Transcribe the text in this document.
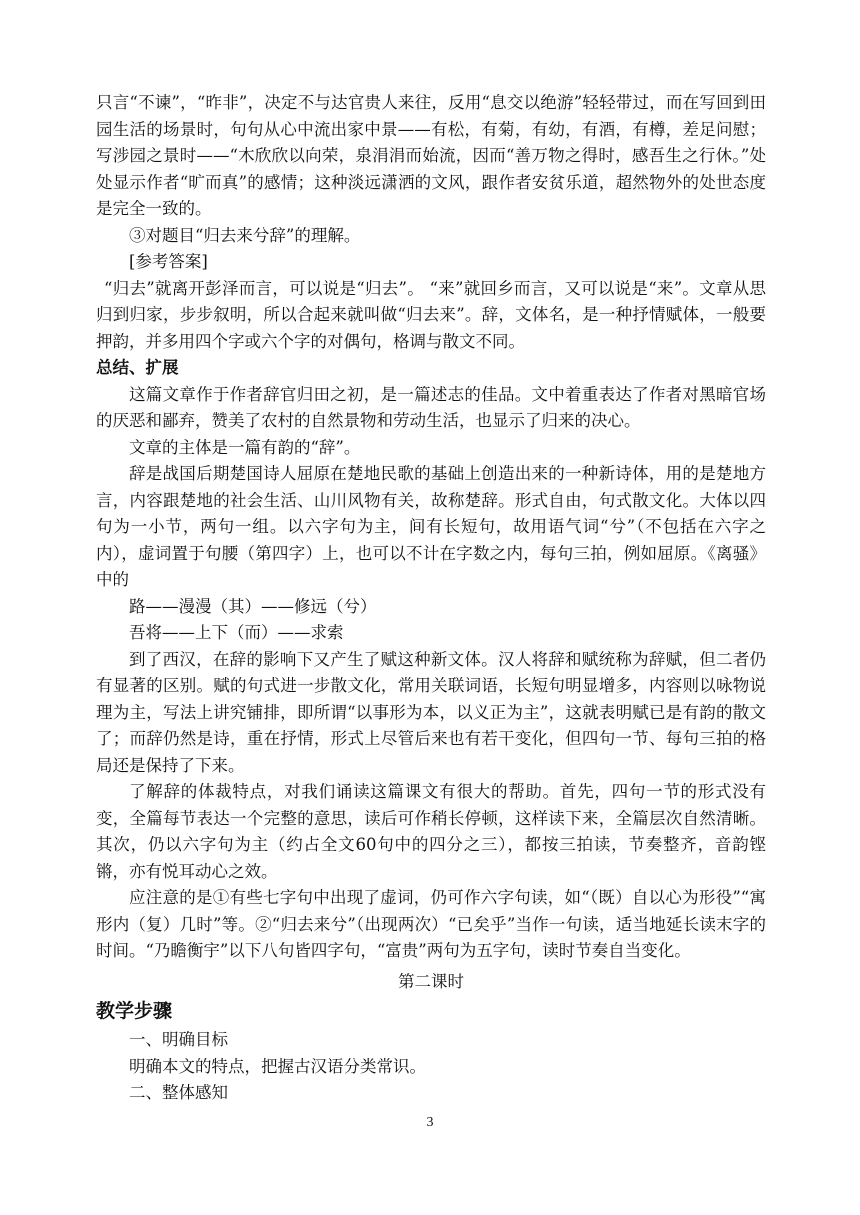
只言“不谏”，“昨非”，决定不与达官贵人来往，反用“息交以绝游”轻轻带过，而在写回到田园生活的场景时，句句从心中流出家中景——有松，有菊，有幼，有酒，有樽，差足问慰；写涉园之景时——“木欣欣以向荣，泉涓涓而始流，因而“善万物之得时，感吾生之行休。”处处显示作者“旷而真”的感情；这种淡远潇洒的文风，跟作者安贫乐道，超然物外的处世态度是完全一致的。

③对题目“归去来兮辞”的理解。

[参考答案]

“归去”就离开彭泽而言，可以说是“归去”。 “来”就回乡而言，又可以说是“来”。文章从思归到归家，步步叙明，所以合起来就叫做“归去来”。辞，文体名，是一种抒情赋体，一般要押韵，并多用四个字或六个字的对偶句，格调与散文不同。

总结、扩展

这篇文章作于作者辞官归田之初，是一篇述志的佳品。文中着重表达了作者对黑暗官场的厌恶和鄙弃，赞美了农村的自然景物和劳动生活，也显示了归来的决心。

文章的主体是一篇有韵的“辞”。

辞是战国后期楚国诗人屈原在楚地民歌的基础上创造出来的一种新诗体，用的是楚地方言，内容跟楚地的社会生活、山川风物有关，故称楚辞。形式自由，句式散文化。大体以四句为一小节，两句一组。以六字句为主，间有长短句，故用语气词“兮”（不包括在六字之内），虚词置于句腰（第四字）上，也可以不计在字数之内，每句三拍，例如屈原。《离骚》中的

路——漫漫（其）——修远（兮）

吾将——上下（而）——求索

到了西汉，在辞的影响下又产生了赋这种新文体。汉人将辞和赋统称为辞赋，但二者仍有显著的区别。赋的句式进一步散文化，常用关联词语，长短句明显增多，内容则以咏物说理为主，写法上讲究铺排，即所谓“以事形为本，以义正为主”，这就表明赋已是有韵的散文了；而辞仍然是诗，重在抒情，形式上尽管后来也有若干变化，但四句一节、每句三拍的格局还是保持了下来。

了解辞的体裁特点，对我们诵读这篇课文有很大的帮助。首先，四句一节的形式没有变，全篇每节表达一个完整的意思，读后可作稍长停顿，这样读下来，全篇层次自然清晰。其次，仍以六字句为主（约占全文60句中的四分之三），都按三拍读，节奏整齐，音韵铿锵，亦有悦耳动心之效。

应注意的是①有些七字句中出现了虚词，仍可作六字句读，如“（既）自以心为形役”“寓形内（复）几时”等。②“归去来兮”（出现两次）“已矣乎”当作一句读，适当地延长读末字的时间。“乃瞻衡宇”以下八句皆四字句，“富贵”两句为五字句，读时节奏自当变化。

第二课时

教学步骤

一、明确目标

明确本文的特点，把握古汉语分类常识。

二、整体感知

3
